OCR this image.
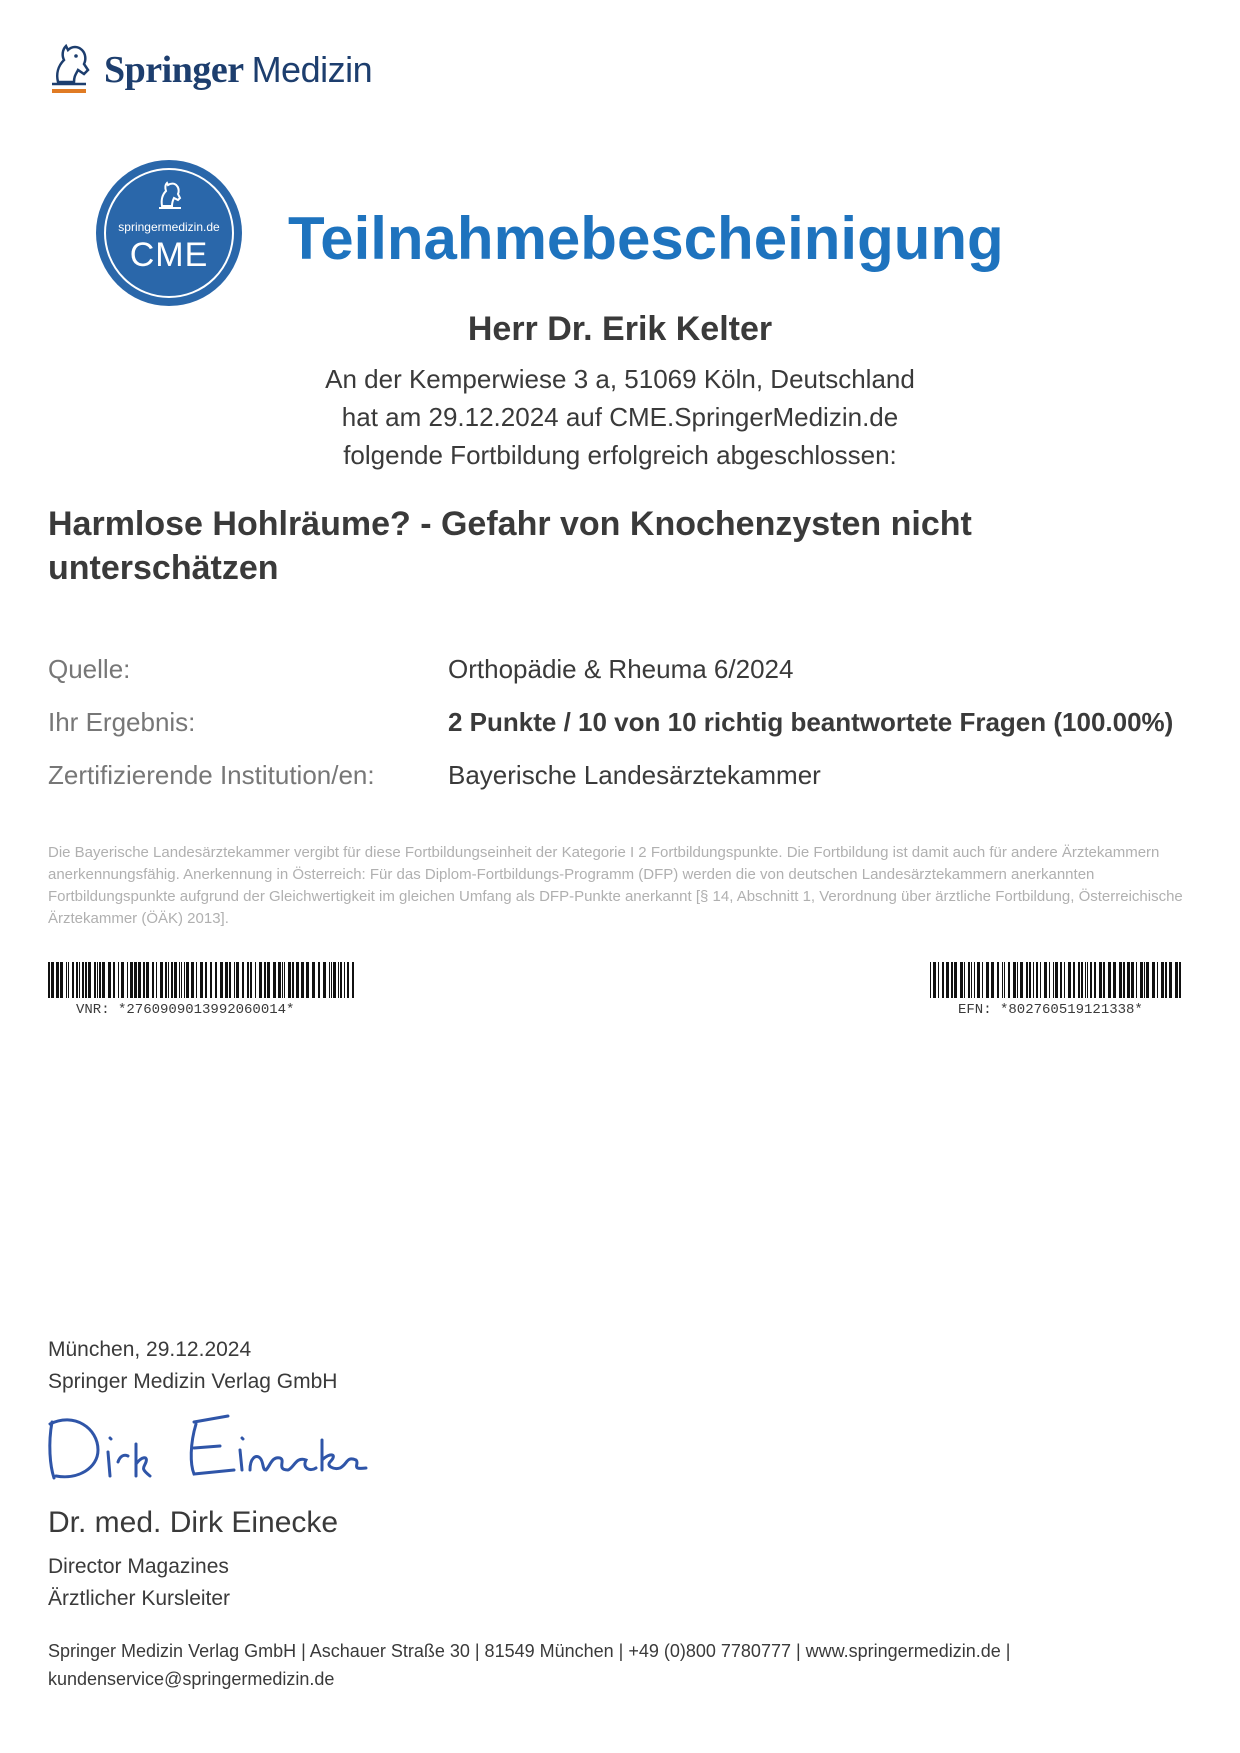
Springer Medizin
springermedizin.de
CME	Teilnahmebescheinigung
Herr Dr. Erik Kelter
An der Kemperwiese 3 a, 51069 Köln, Deutschland
hat am 29.12.2024 auf CME.SpringerMedizin.de
folgende Fortbildung erfolgreich abgeschlossen:
Harmlose Hohlräume? - Gefahr von Knochenzysten nicht unterschätzen
Quelle:	Orthopädie & Rheuma 6/2024
Ihr Ergebnis:	2 Punkte / 10 von 10 richtig beantwortete Fragen (100.00%)
Zertifizierende Institution/en:	Bayerische Landesärztekammer
Die Bayerische Landesärztekammer vergibt für diese Fortbildungseinheit der Kategorie I 2 Fortbildungspunkte. Die Fortbildung ist damit auch für andere Ärztekammern anerkennungsfähig. Anerkennung in Österreich: Für das Diplom-Fortbildungs-Programm (DFP) werden die von deutschen Landesärztekammern anerkannten Fortbildungspunkte aufgrund der Gleichwertigkeit im gleichen Umfang als DFP-Punkte anerkannt [§ 14, Abschnitt 1, Verordnung über ärztliche Fortbildung, Österreichische Ärztekammer (ÖÄK) 2013].
VNR: *2760909013992060014*	EFN: *802760519121338*
München, 29.12.2024
Springer Medizin Verlag GmbH
Dr. med. Dirk Einecke
Director Magazines
Ärztlicher Kursleiter
Springer Medizin Verlag GmbH | Aschauer Straße 30 | 81549 München | +49 (0)800 7780777 | www.springermedizin.de | kundenservice@springermedizin.de
